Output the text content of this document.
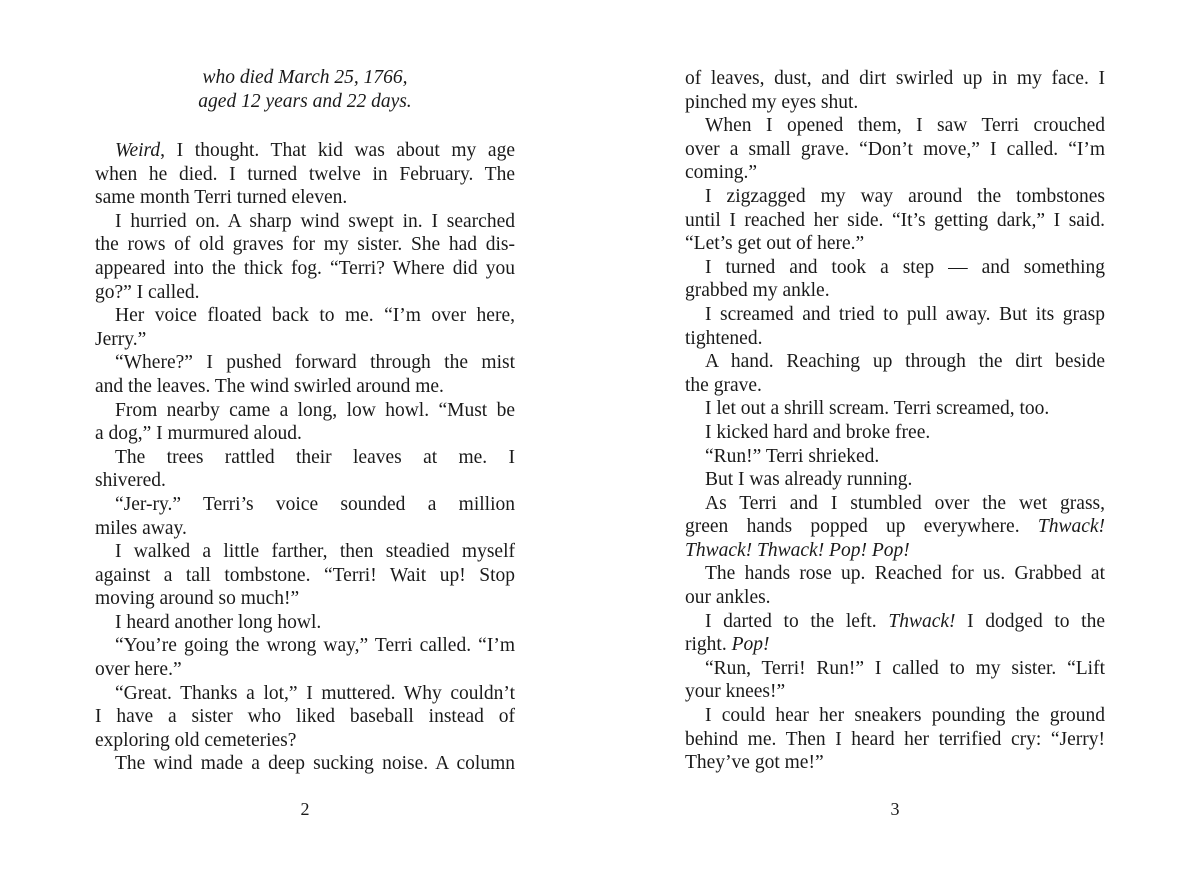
who died March 25, 1766,
aged 12 years and 22 days.
Weird, I thought. That kid was about my age
when he died. I turned twelve in February. The
same month Terri turned eleven.
I hurried on. A sharp wind swept in. I searched
the rows of old graves for my sister. She had dis-
appeared into the thick fog. “Terri? Where did you
go?” I called.
Her voice floated back to me. “I’m over here,
Jerry.”
“Where?” I pushed forward through the mist
and the leaves. The wind swirled around me.
From nearby came a long, low howl. “Must be
a dog,” I murmured aloud.
The trees rattled their leaves at me. I
shivered.
“Jer-ry.” Terri’s voice sounded a million
miles away.
I walked a little farther, then steadied myself
against a tall tombstone. “Terri! Wait up! Stop
moving around so much!”
I heard another long howl.
“You’re going the wrong way,” Terri called. “I’m
over here.”
“Great. Thanks a lot,” I muttered. Why couldn’t
I have a sister who liked baseball instead of
exploring old cemeteries?
The wind made a deep sucking noise. A column
2
of leaves, dust, and dirt swirled up in my face. I
pinched my eyes shut.
When I opened them, I saw Terri crouched
over a small grave. “Don’t move,” I called. “I’m
coming.”
I zigzagged my way around the tombstones
until I reached her side. “It’s getting dark,” I said.
“Let’s get out of here.”
I turned and took a step — and something
grabbed my ankle.
I screamed and tried to pull away. But its grasp
tightened.
A hand. Reaching up through the dirt beside
the grave.
I let out a shrill scream. Terri screamed, too.
I kicked hard and broke free.
“Run!” Terri shrieked.
But I was already running.
As Terri and I stumbled over the wet grass,
green hands popped up everywhere. Thwack!
Thwack! Thwack! Pop! Pop!
The hands rose up. Reached for us. Grabbed at
our ankles.
I darted to the left. Thwack! I dodged to the
right. Pop!
“Run, Terri! Run!” I called to my sister. “Lift
your knees!”
I could hear her sneakers pounding the ground
behind me. Then I heard her terrified cry: “Jerry!
They’ve got me!”
3
